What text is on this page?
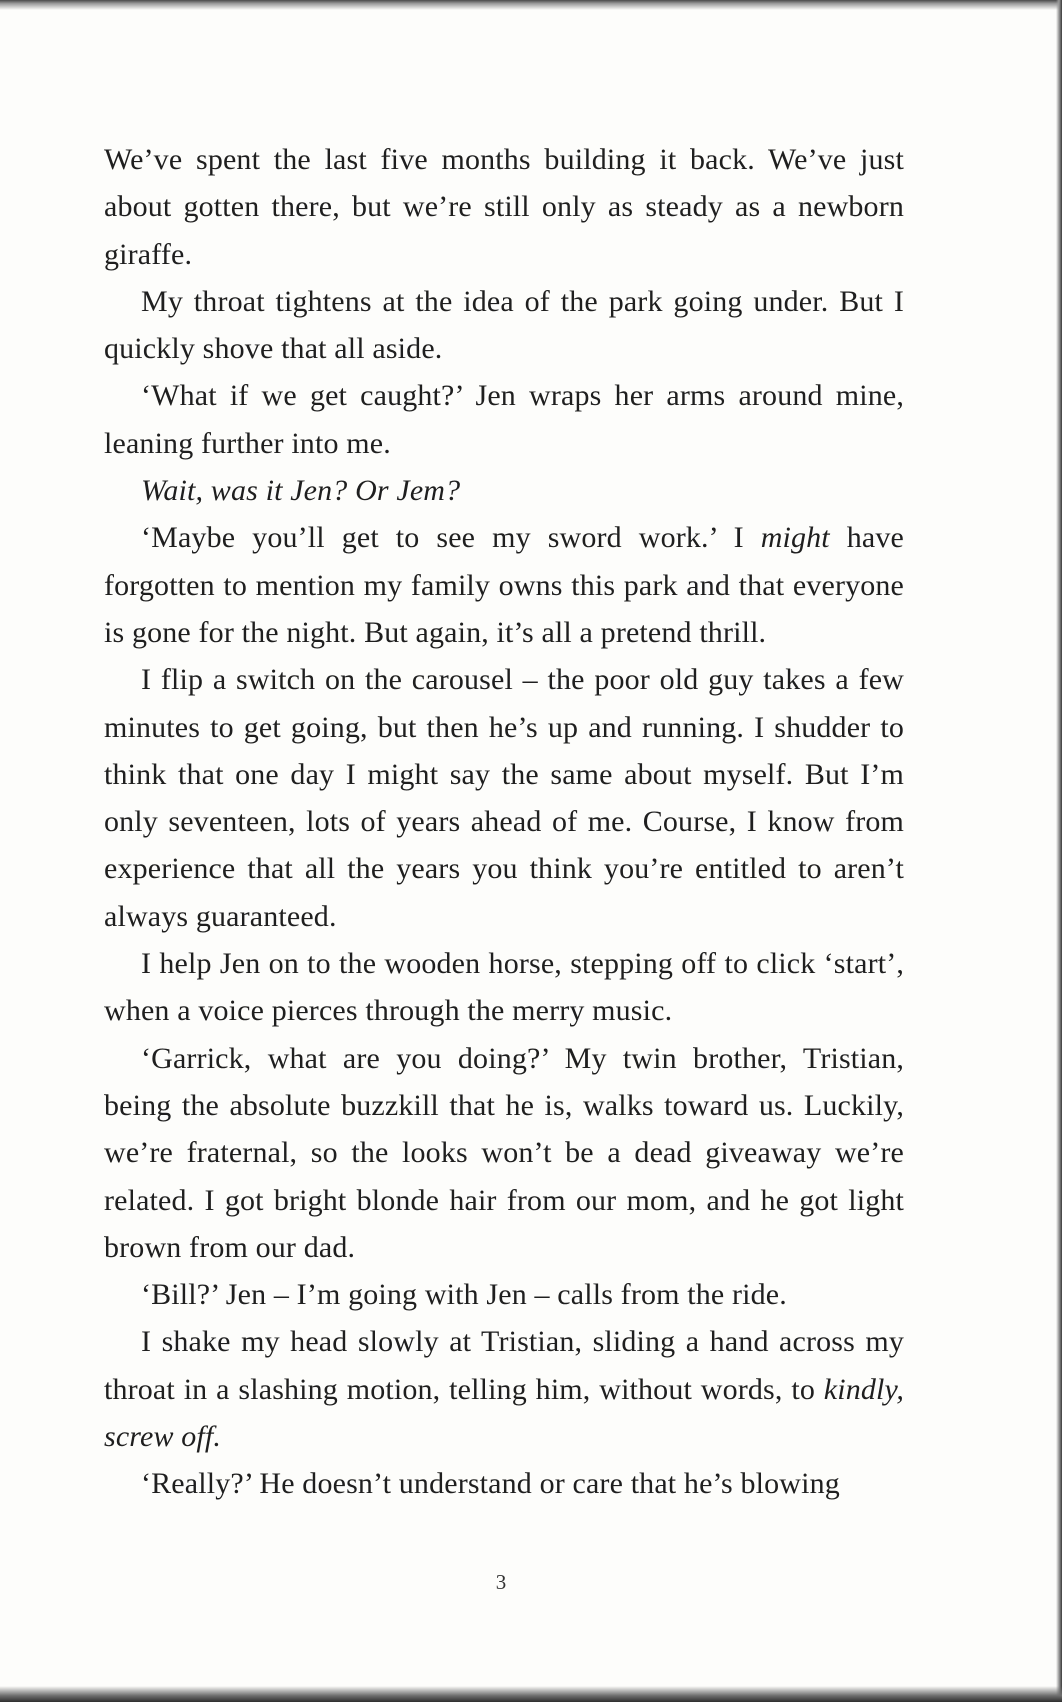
We’ve spent the last five months building it back. We’ve just about gotten there, but we’re still only as steady as a newborn giraffe.

My throat tightens at the idea of the park going under. But I quickly shove that all aside.

‘What if we get caught?’ Jen wraps her arms around mine, leaning further into me.

Wait, was it Jen? Or Jem?

‘Maybe you’ll get to see my sword work.’ I might have forgotten to mention my family owns this park and that everyone is gone for the night. But again, it’s all a pretend thrill.

I flip a switch on the carousel – the poor old guy takes a few minutes to get going, but then he’s up and running. I shudder to think that one day I might say the same about myself. But I’m only seventeen, lots of years ahead of me. Course, I know from experience that all the years you think you’re entitled to aren’t always guaranteed.

I help Jen on to the wooden horse, stepping off to click ‘start’, when a voice pierces through the merry music.

‘Garrick, what are you doing?’ My twin brother, Tristian, being the absolute buzzkill that he is, walks toward us. Luckily, we’re fraternal, so the looks won’t be a dead giveaway we’re related. I got bright blonde hair from our mom, and he got light brown from our dad.

‘Bill?’ Jen – I’m going with Jen – calls from the ride.

I shake my head slowly at Tristian, sliding a hand across my throat in a slashing motion, telling him, without words, to kindly, screw off.

‘Really?’ He doesn’t understand or care that he’s blowing

3
